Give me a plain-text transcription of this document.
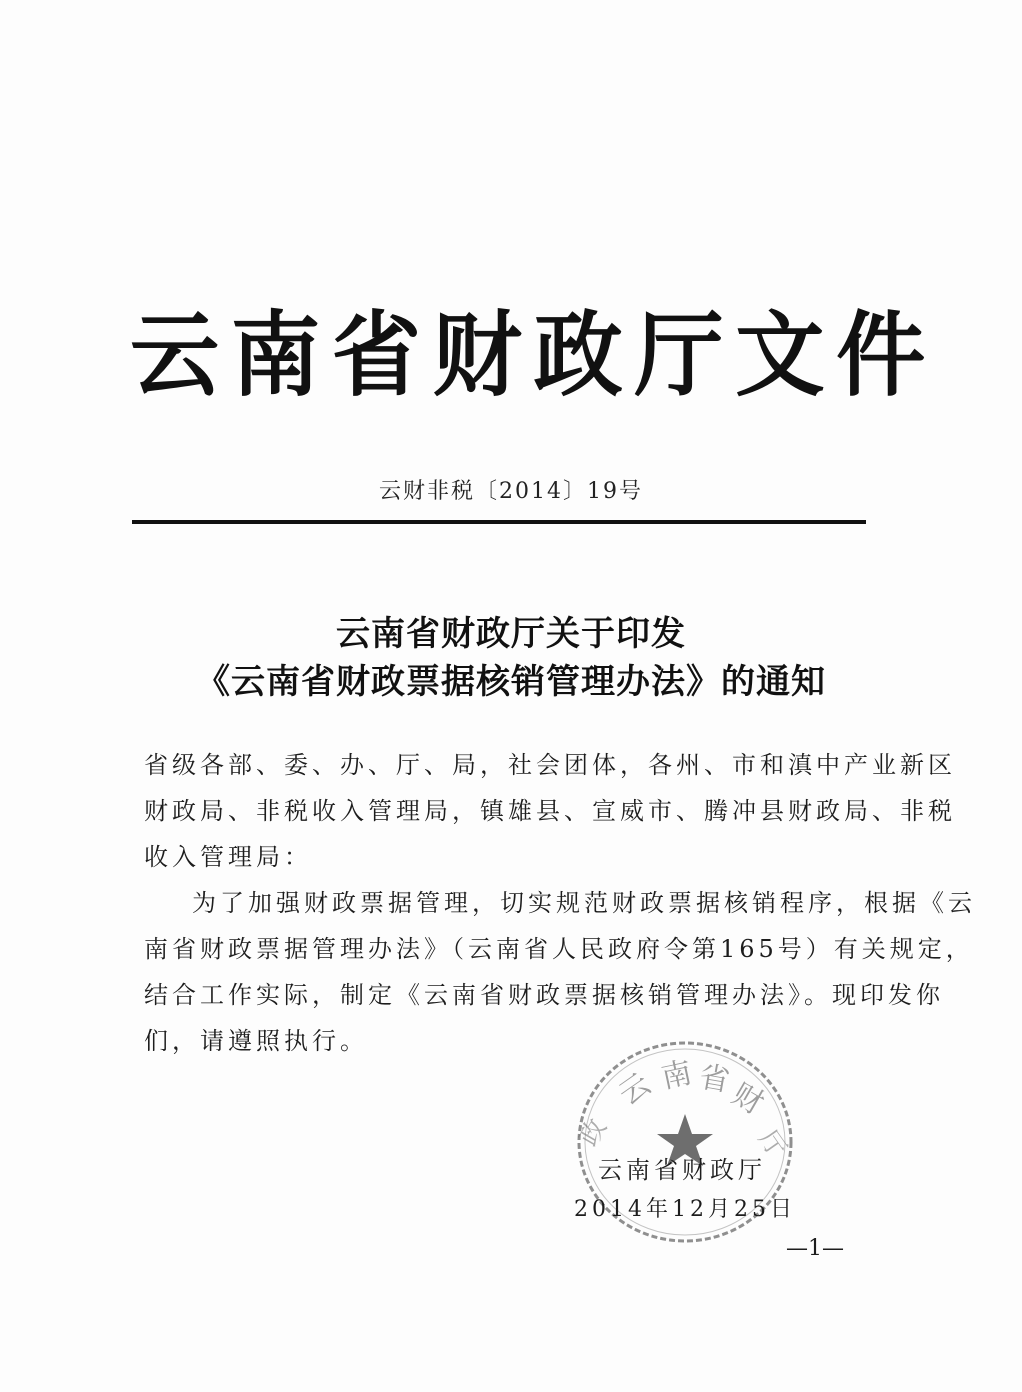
云南省财政厅文件
云财非税〔2014〕19号
云南省财政厅关于印发
《云南省财政票据核销管理办法》的通知
省级各部、委、办、厅、局，社会团体，各州、市和滇中产业新区
财政局、非税收入管理局，镇雄县、宣威市、腾冲县财政局、非税
收入管理局：
为了加强财政票据管理，切实规范财政票据核销程序，根据《云
南省财政票据管理办法》（云南省人民政府令第165号）有关规定，
结合工作实际，制定《云南省财政票据核销管理办法》。现印发你
们，请遵照执行。
云 南 省
财
政	厅
云南省财政厅
2014年12月25日
—1—
